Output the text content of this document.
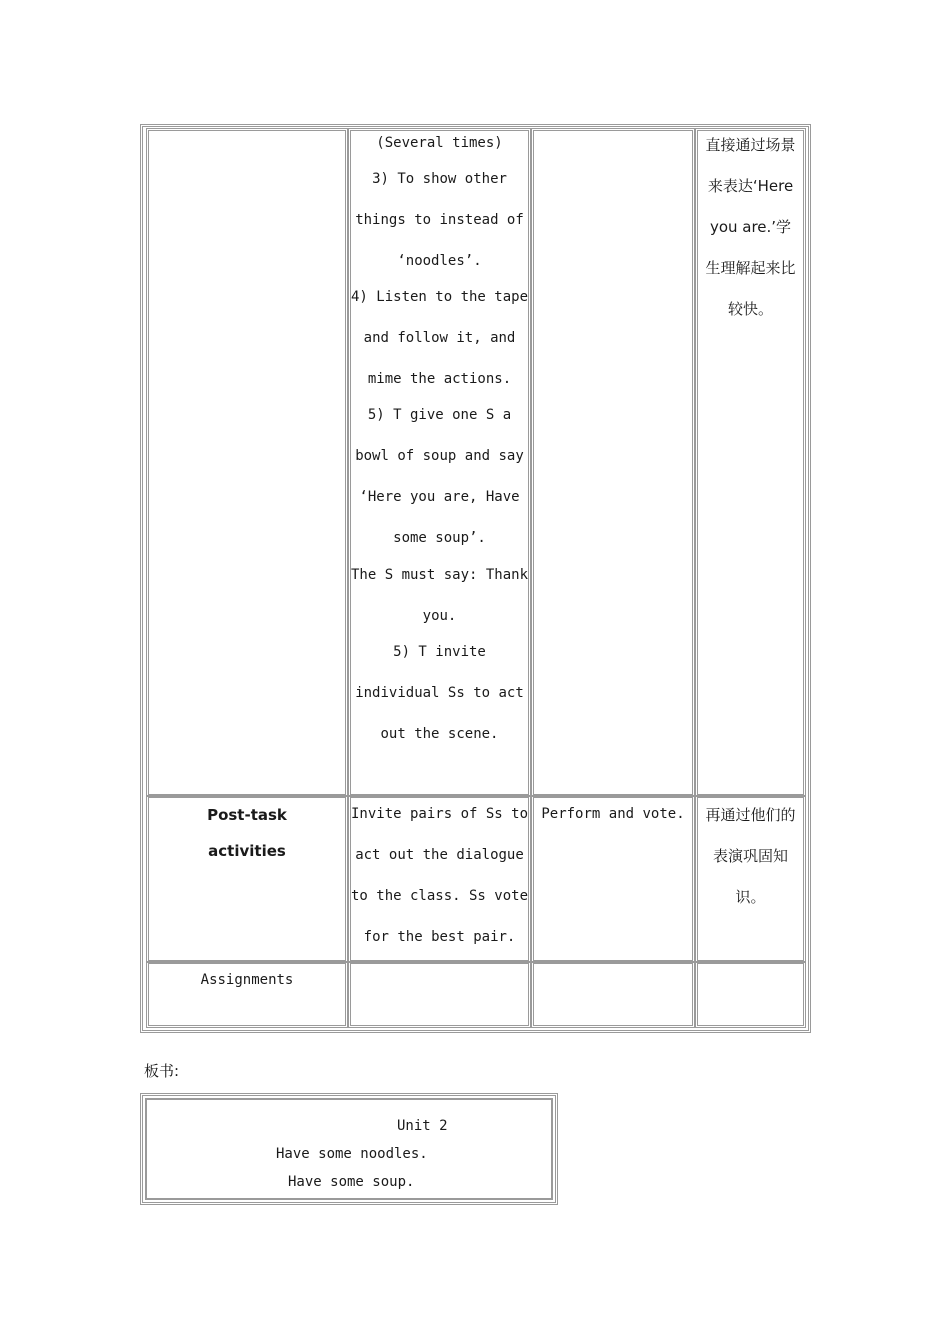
(Several times)
3) To show other
things to instead of
‘noodles’.
4) Listen to the tape
and follow it, and
mime the actions.
5) T give one S a
bowl of soup and say
‘Here you are, Have
some soup’.
The S must say: Thank
you.
5) T invite
individual Ss to act
out the scene.
直接通过场景
来表达‘Here
you are.’学
生理解起来比
较快。
Post-task
activities
Invite pairs of Ss to
act out the dialogue
to the class. Ss vote
for the best pair.
Perform and vote.	再通过他们的
表演巩固知
识。
Assignments
板书:
Unit 2
Have some noodles.
Have some soup.
